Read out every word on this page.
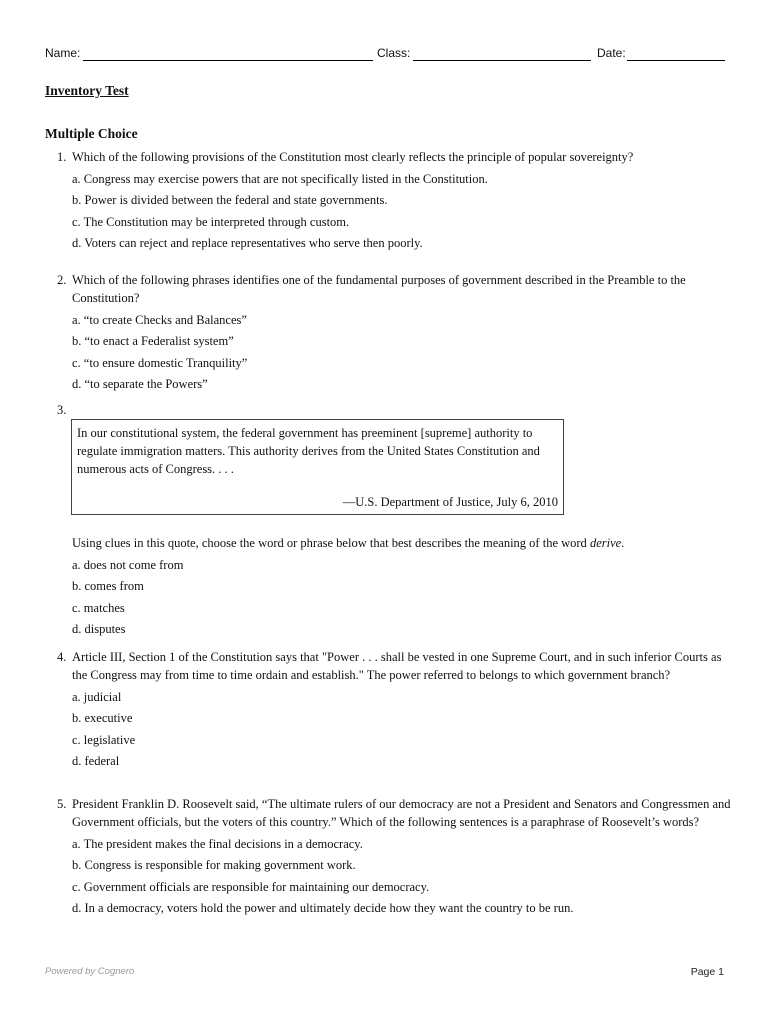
Name:	Class:	Date:
Inventory Test
Multiple Choice
1. Which of the following provisions of the Constitution most clearly reflects the principle of popular sovereignty?
a. Congress may exercise powers that are not specifically listed in the Constitution.
b. Power is divided between the federal and state governments.
c. The Constitution may be interpreted through custom.
d. Voters can reject and replace representatives who serve then poorly.
2. Which of the following phrases identifies one of the fundamental purposes of government described in the Preamble to the Constitution?
a. “to create Checks and Balances”
b. “to enact a Federalist system”
c. “to ensure domestic Tranquility”
d. “to separate the Powers”
3.
In our constitutional system, the federal government has preeminent [supreme] authority to regulate immigration matters. This authority derives from the United States Constitution and numerous acts of Congress. . . .
—U.S. Department of Justice, July 6, 2010
Using clues in this quote, choose the word or phrase below that best describes the meaning of the word derive.
a. does not come from
b. comes from
c. matches
d. disputes
4. Article III, Section 1 of the Constitution says that "Power . . . shall be vested in one Supreme Court, and in such inferior Courts as the Congress may from time to time ordain and establish." The power referred to belongs to which government branch?
a. judicial
b. executive
c. legislative
d. federal
5. President Franklin D. Roosevelt said, “The ultimate rulers of our democracy are not a President and Senators and Congressmen and Government officials, but the voters of this country.” Which of the following sentences is a paraphrase of Roosevelt’s words?
a. The president makes the final decisions in a democracy.
b. Congress is responsible for making government work.
c. Government officials are responsible for maintaining our democracy.
d. In a democracy, voters hold the power and ultimately decide how they want the country to be run.
Powered by Cognero	Page 1
